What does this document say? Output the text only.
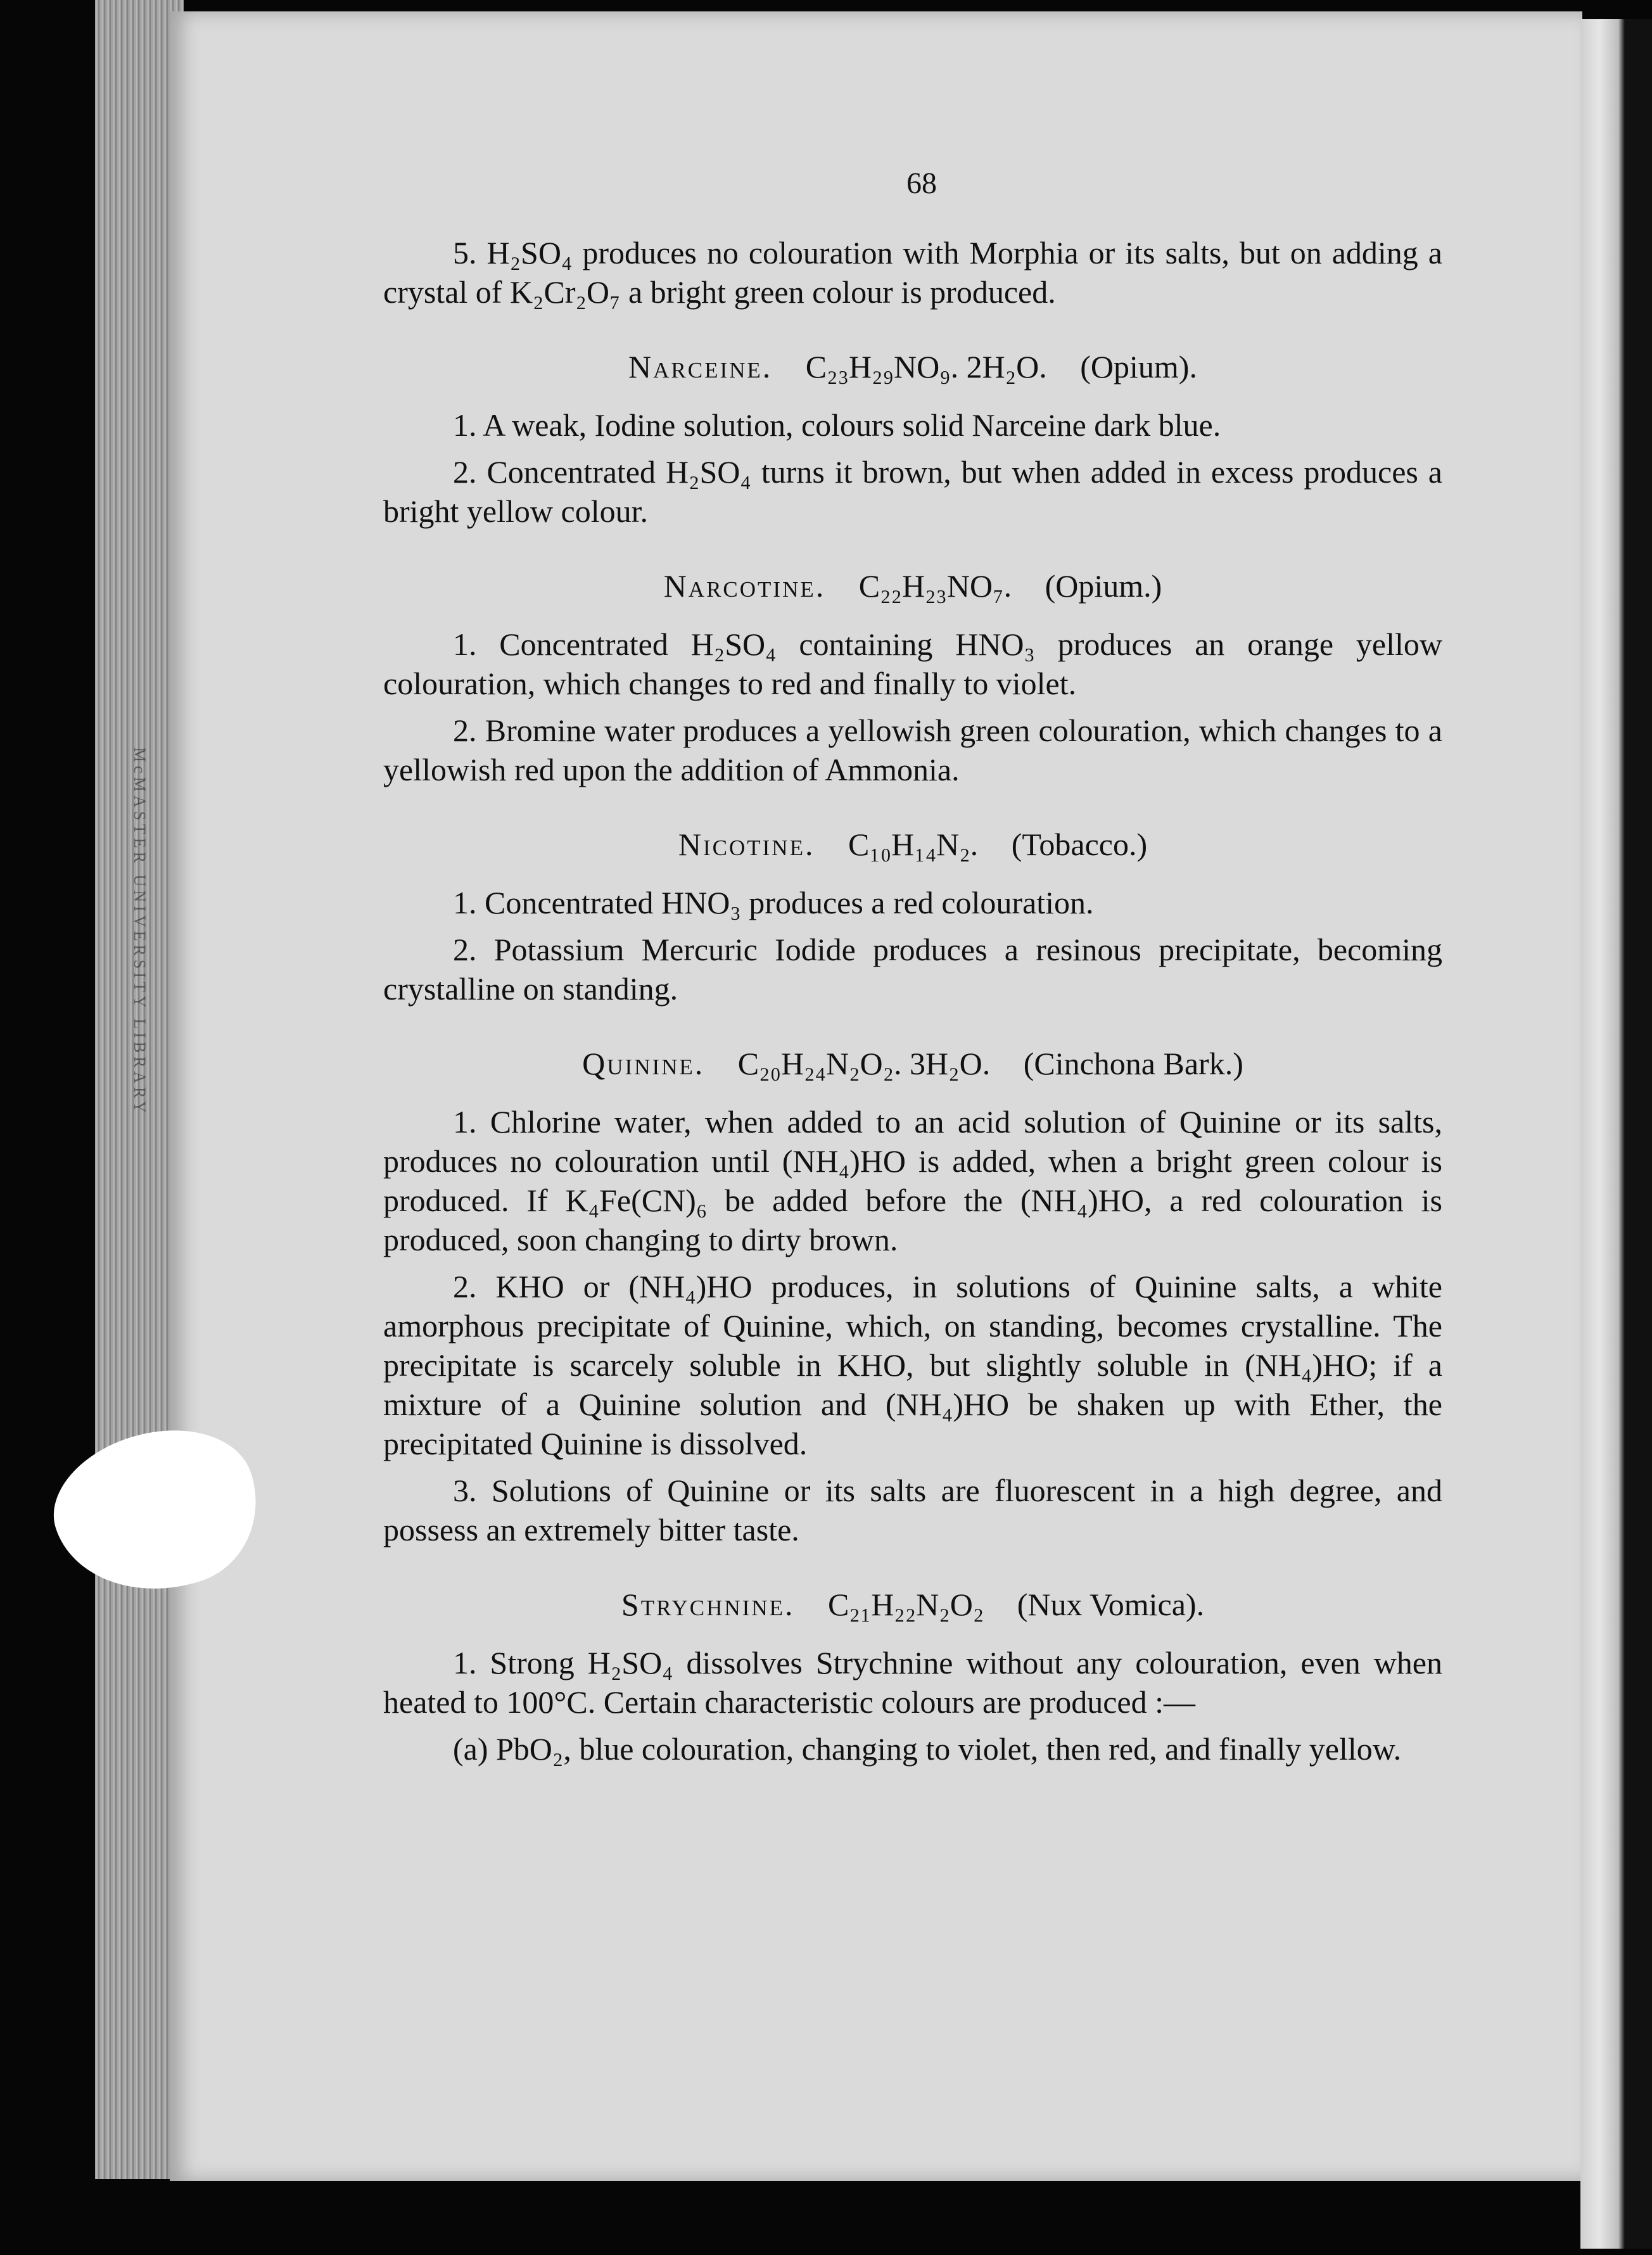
McMASTER UNIVERSITY LIBRARY
68

5. H₂SO₄ produces no colouration with Morphia or its salts, but on adding a crystal of K₂Cr₂O₇ a bright green colour is produced.

Narceine. C₂₃H₂₉NO₉. 2H₂O. (Opium).

1. A weak, Iodine solution, colours solid Narceine dark blue.

2. Concentrated H₂SO₄ turns it brown, but when added in excess produces a bright yellow colour.

Narcotine. C₂₂H₂₃NO₇. (Opium.)

1. Concentrated H₂SO₄ containing HNO₃ produces an orange yellow colouration, which changes to red and finally to violet.

2. Bromine water produces a yellowish green colouration, which changes to a yellowish red upon the addition of Ammonia.

Nicotine. C₁₀H₁₄N₂. (Tobacco.)

1. Concentrated HNO₃ produces a red colouration.

2. Potassium Mercuric Iodide produces a resinous precipitate, becoming crystalline on standing.

Quinine. C₂₀H₂₄N₂O₂. 3H₂O. (Cinchona Bark.)

1. Chlorine water, when added to an acid solution of Quinine or its salts, produces no colouration until (NH₄)HO is added, when a bright green colour is produced. If K₄Fe(CN)₆ be added before the (NH₄)HO, a red colouration is produced, soon changing to dirty brown.

2. KHO or (NH₄)HO produces, in solutions of Quinine salts, a white amorphous precipitate of Quinine, which, on standing, becomes crystalline. The precipitate is scarcely soluble in KHO, but slightly soluble in (NH₄)HO; if a mixture of a Quinine solution and (NH₄)HO be shaken up with Ether, the precipitated Quinine is dissolved.

3. Solutions of Quinine or its salts are fluorescent in a high degree, and possess an extremely bitter taste.

Strychnine. C₂₁H₂₂N₂O₂ (Nux Vomica).

1. Strong H₂SO₄ dissolves Strychnine without any colouration, even when heated to 100°C. Certain characteristic colours are produced :—

(a) PbO₂, blue colouration, changing to violet, then red, and finally yellow.
